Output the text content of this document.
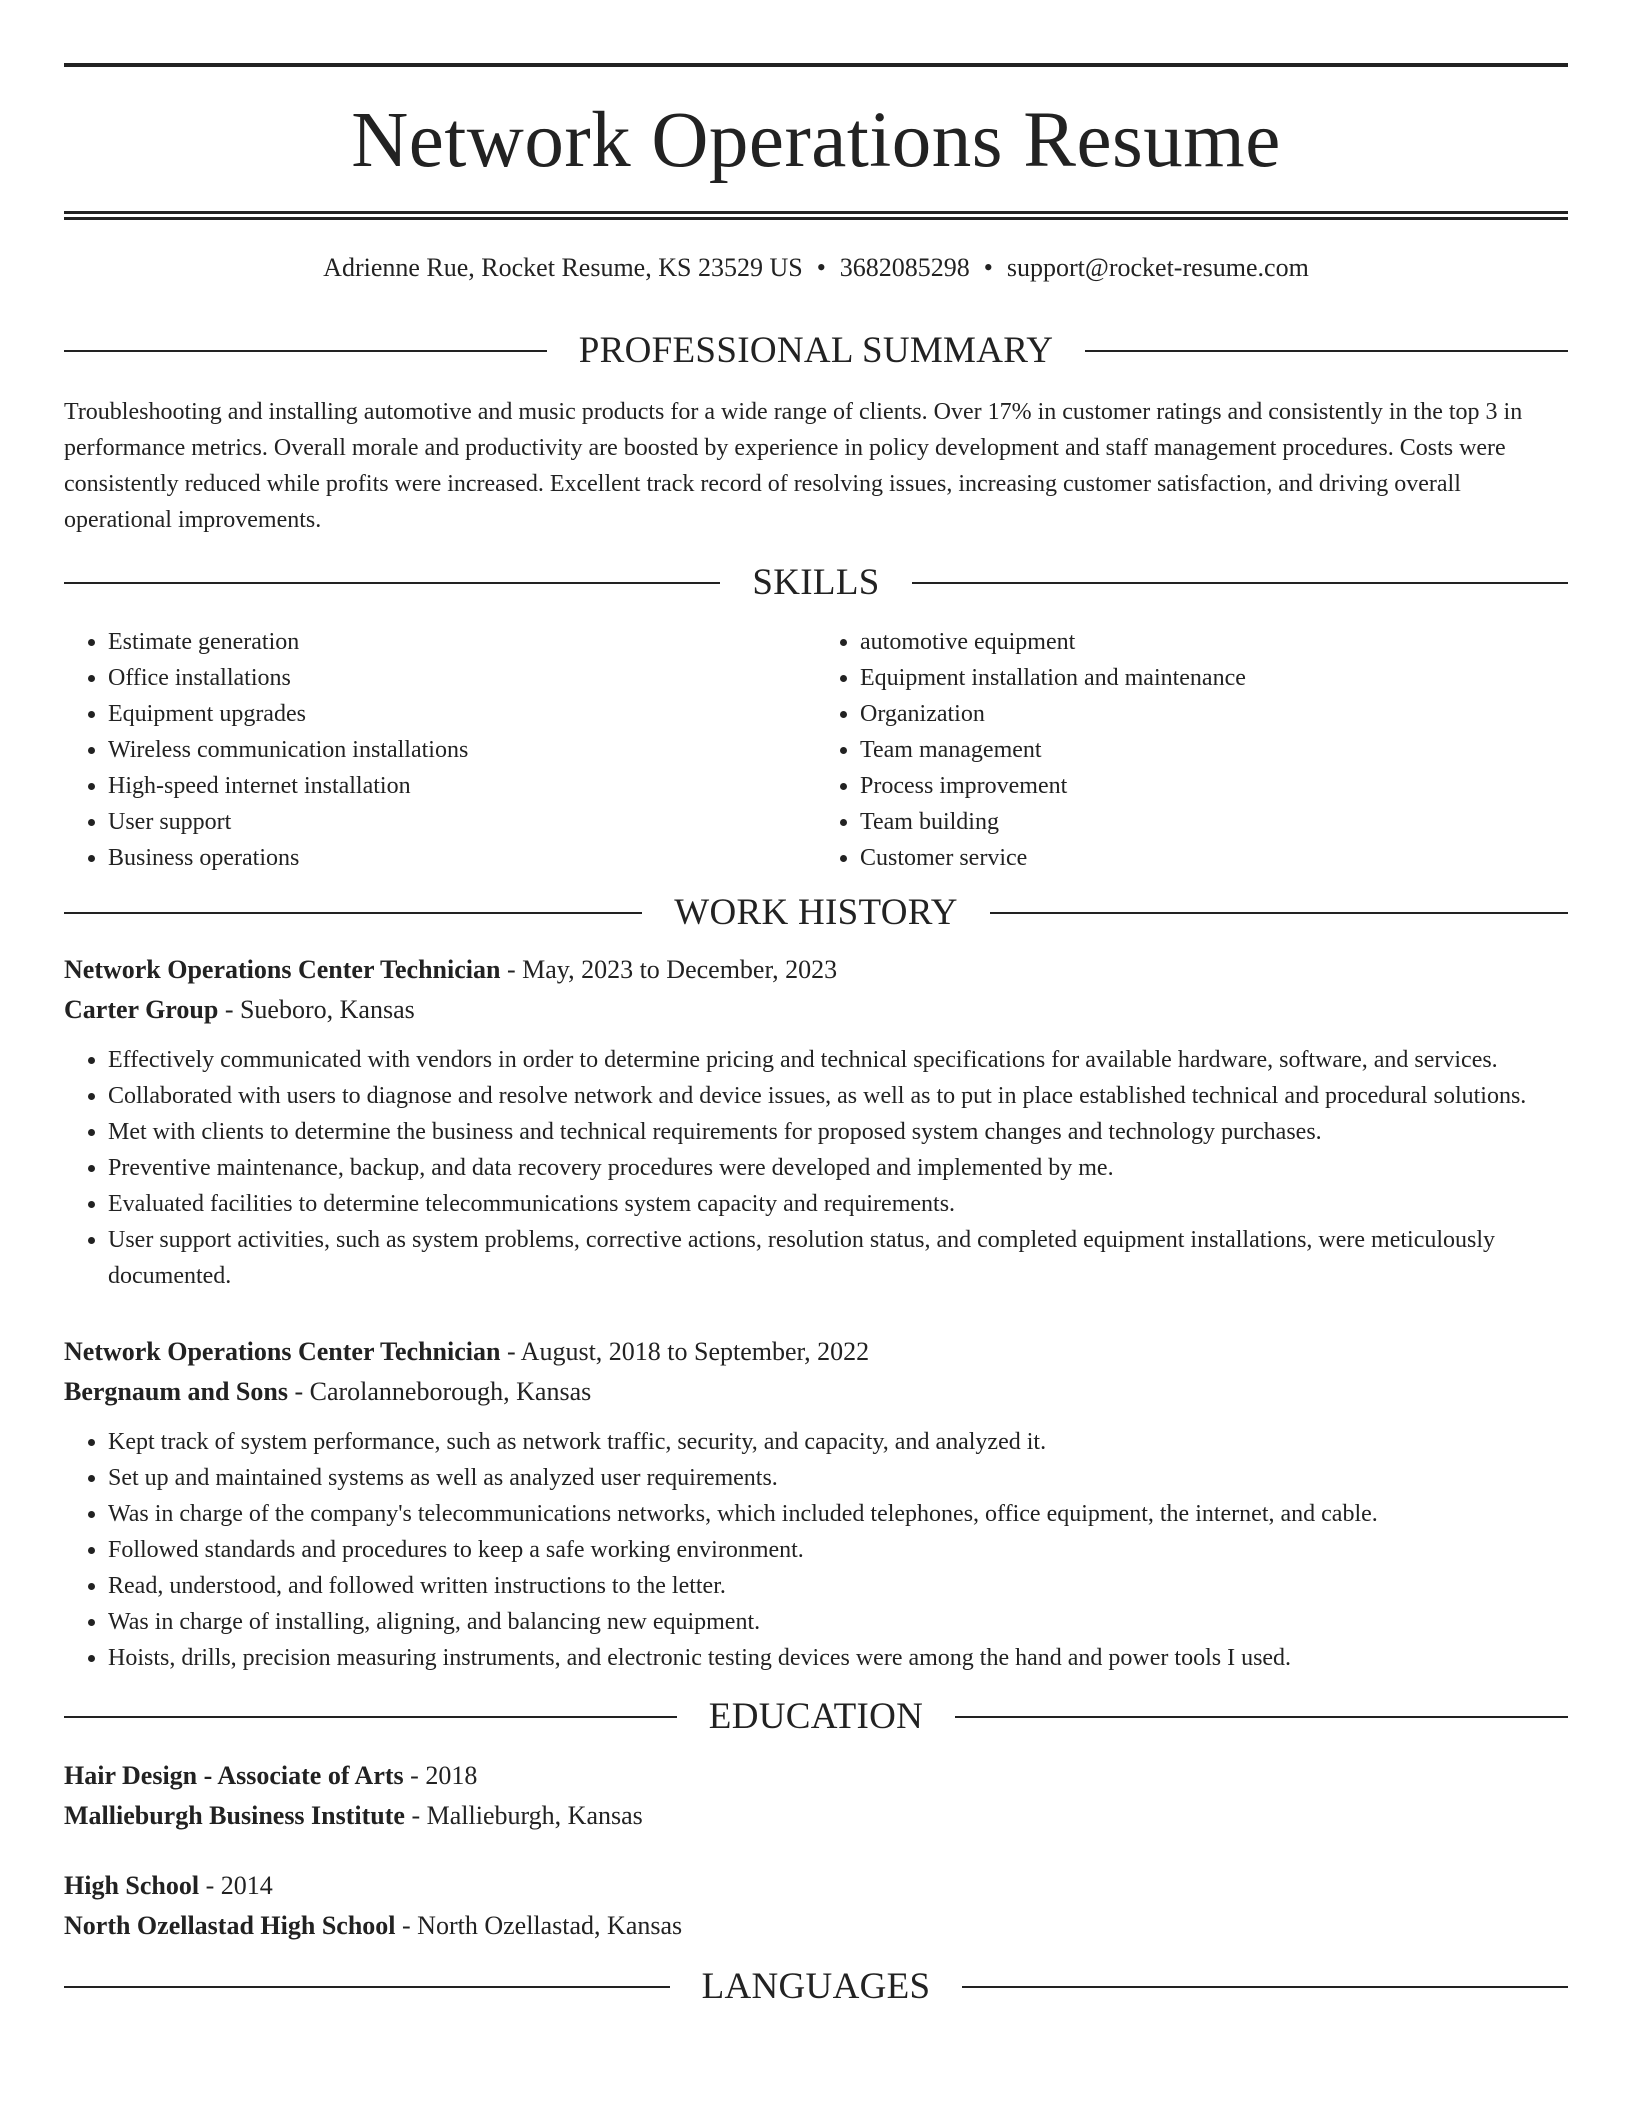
Network Operations Resume
Adrienne Rue, Rocket Resume, KS 23529 US • 3682085298 • support@rocket-resume.com
PROFESSIONAL SUMMARY
Troubleshooting and installing automotive and music products for a wide range of clients. Over 17% in customer ratings and consistently in the top 3 in performance metrics. Overall morale and productivity are boosted by experience in policy development and staff management procedures. Costs were consistently reduced while profits were increased. Excellent track record of resolving issues, increasing customer satisfaction, and driving overall operational improvements.
SKILLS
• Estimate generation
• Office installations
• Equipment upgrades
• Wireless communication installations
• High-speed internet installation
• User support
• Business operations
• automotive equipment
• Equipment installation and maintenance
• Organization
• Team management
• Process improvement
• Team building
• Customer service
WORK HISTORY
Network Operations Center Technician - May, 2023 to December, 2023
Carter Group - Sueboro, Kansas
• Effectively communicated with vendors in order to determine pricing and technical specifications for available hardware, software, and services.
• Collaborated with users to diagnose and resolve network and device issues, as well as to put in place established technical and procedural solutions.
• Met with clients to determine the business and technical requirements for proposed system changes and technology purchases.
• Preventive maintenance, backup, and data recovery procedures were developed and implemented by me.
• Evaluated facilities to determine telecommunications system capacity and requirements.
• User support activities, such as system problems, corrective actions, resolution status, and completed equipment installations, were meticulously documented.
Network Operations Center Technician - August, 2018 to September, 2022
Bergnaum and Sons - Carolanneborough, Kansas
• Kept track of system performance, such as network traffic, security, and capacity, and analyzed it.
• Set up and maintained systems as well as analyzed user requirements.
• Was in charge of the company's telecommunications networks, which included telephones, office equipment, the internet, and cable.
• Followed standards and procedures to keep a safe working environment.
• Read, understood, and followed written instructions to the letter.
• Was in charge of installing, aligning, and balancing new equipment.
• Hoists, drills, precision measuring instruments, and electronic testing devices were among the hand and power tools I used.
EDUCATION
Hair Design - Associate of Arts - 2018
Mallieburgh Business Institute - Mallieburgh, Kansas
High School - 2014
North Ozellastad High School - North Ozellastad, Kansas
LANGUAGES
